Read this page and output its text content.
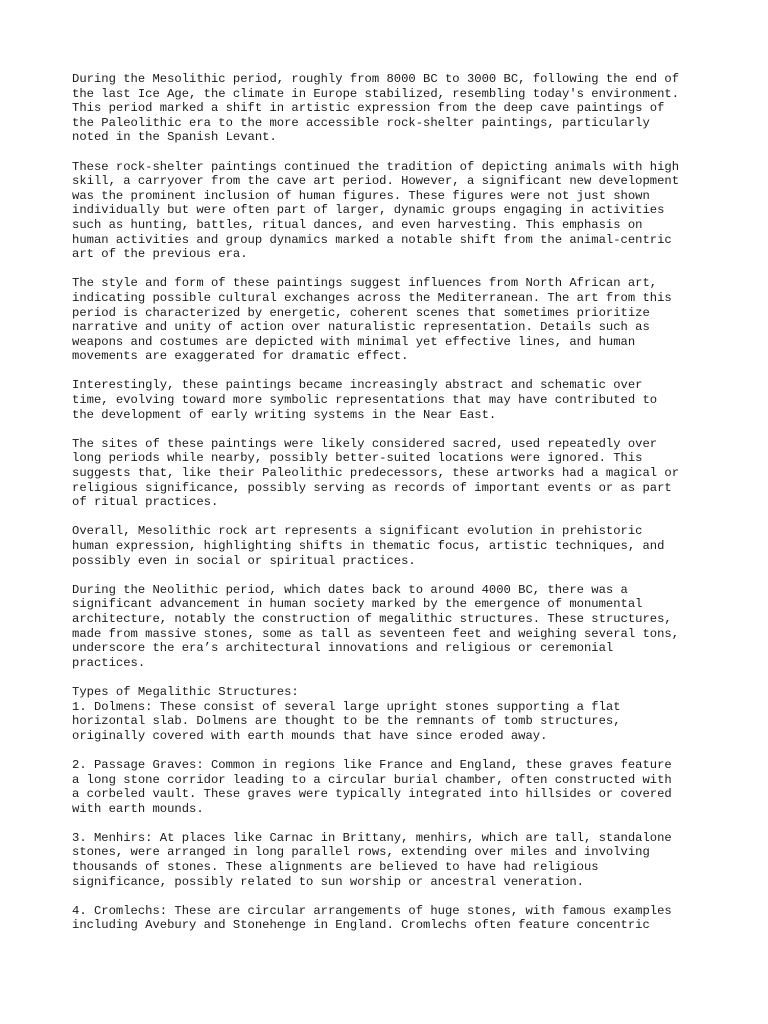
During the Mesolithic period, roughly from 8000 BC to 3000 BC, following the end of
the last Ice Age, the climate in Europe stabilized, resembling today's environment.
This period marked a shift in artistic expression from the deep cave paintings of
the Paleolithic era to the more accessible rock-shelter paintings, particularly
noted in the Spanish Levant.

These rock-shelter paintings continued the tradition of depicting animals with high
skill, a carryover from the cave art period. However, a significant new development
was the prominent inclusion of human figures. These figures were not just shown
individually but were often part of larger, dynamic groups engaging in activities
such as hunting, battles, ritual dances, and even harvesting. This emphasis on
human activities and group dynamics marked a notable shift from the animal-centric
art of the previous era.

The style and form of these paintings suggest influences from North African art,
indicating possible cultural exchanges across the Mediterranean. The art from this
period is characterized by energetic, coherent scenes that sometimes prioritize
narrative and unity of action over naturalistic representation. Details such as
weapons and costumes are depicted with minimal yet effective lines, and human
movements are exaggerated for dramatic effect.

Interestingly, these paintings became increasingly abstract and schematic over
time, evolving toward more symbolic representations that may have contributed to
the development of early writing systems in the Near East.

The sites of these paintings were likely considered sacred, used repeatedly over
long periods while nearby, possibly better-suited locations were ignored. This
suggests that, like their Paleolithic predecessors, these artworks had a magical or
religious significance, possibly serving as records of important events or as part
of ritual practices.

Overall, Mesolithic rock art represents a significant evolution in prehistoric
human expression, highlighting shifts in thematic focus, artistic techniques, and
possibly even in social or spiritual practices.

During the Neolithic period, which dates back to around 4000 BC, there was a
significant advancement in human society marked by the emergence of monumental
architecture, notably the construction of megalithic structures. These structures,
made from massive stones, some as tall as seventeen feet and weighing several tons,
underscore the era’s architectural innovations and religious or ceremonial
practices.

Types of Megalithic Structures:

1. Dolmens: These consist of several large upright stones supporting a flat
horizontal slab. Dolmens are thought to be the remnants of tomb structures,
originally covered with earth mounds that have since eroded away.

2. Passage Graves: Common in regions like France and England, these graves feature
a long stone corridor leading to a circular burial chamber, often constructed with
a corbeled vault. These graves were typically integrated into hillsides or covered
with earth mounds.

3. Menhirs: At places like Carnac in Brittany, menhirs, which are tall, standalone
stones, were arranged in long parallel rows, extending over miles and involving
thousands of stones. These alignments are believed to have had religious
significance, possibly related to sun worship or ancestral veneration.

4. Cromlechs: These are circular arrangements of huge stones, with famous examples
including Avebury and Stonehenge in England. Cromlechs often feature concentric
